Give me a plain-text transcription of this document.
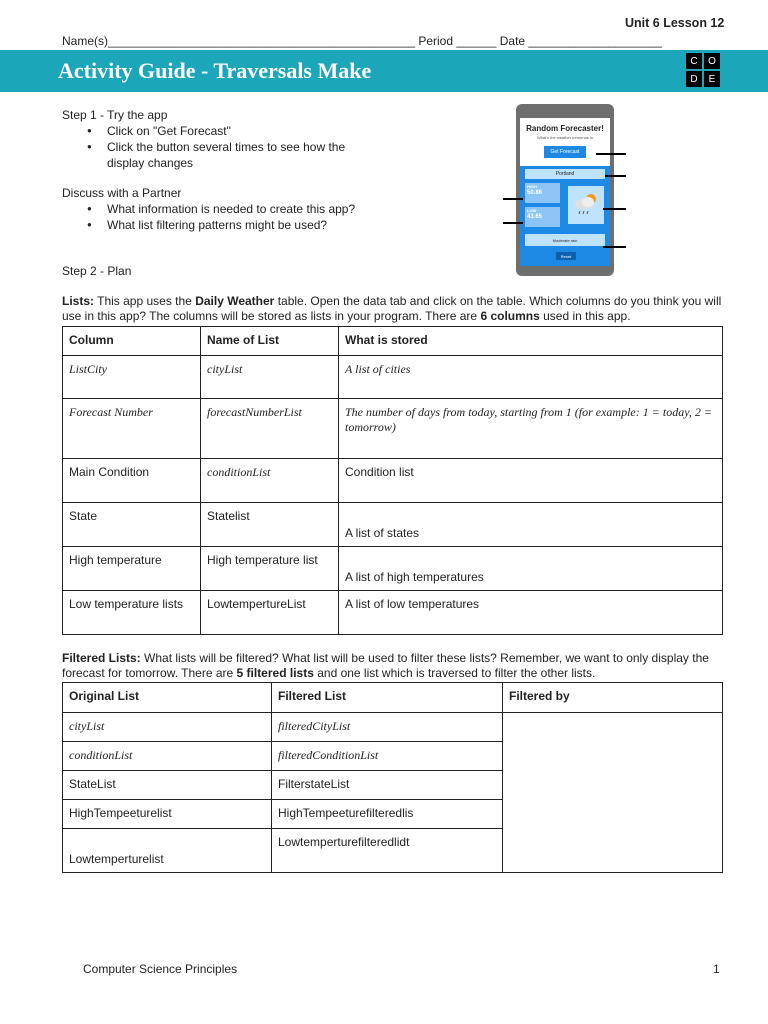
Unit 6 Lesson 12
Name(s)______________________________________________ Period ______ Date ____________________
Activity Guide - Traversals Make	C	O
D	E
Step 1 - Try the app
● Click on "Get Forecast"
● Click the button several times to see how the display changes
Discuss with a Partner
● What information is needed to create this app?
● What list filtering patterns might be used?
Random Forecaster!
What's the weather tomorrow in
Get Forecast
Portland
HIGH
50.86
LOW
43.65
Moderate rain
Reset
Step 2 - Plan
Lists: This app uses the Daily Weather table. Open the data tab and click on the table. Which columns do you think you will use in this app? The columns will be stored as lists in your program. There are 6 columns used in this app.
Column	Name of List	What is stored
ListCity	cityList	A list of cities
Forecast Number	forecastNumberList	The number of days from today, starting from 1 (for example: 1 = today, 2 = tomorrow)
Main Condition	conditionList	Condition list
State	Statelist	A list of states
High temperature	High temperature list	A list of high temperatures
Low temperature lists	LowtempertureList	A list of low temperatures
Filtered Lists: What lists will be filtered? What list will be used to filter these lists? Remember, we want to only display the forecast for tomorrow. There are 5 filtered lists and one list which is traversed to filter the other lists.
Original List	Filtered List	Filtered by
cityList	filteredCityList	
conditionList	filteredConditionList	
StateList	FilterstateList	
HighTempeeturelist	HighTempeeturefilteredlis	
Lowtemperturelist	Lowtemperturefilteredlidt	
Computer Science Principles	1
